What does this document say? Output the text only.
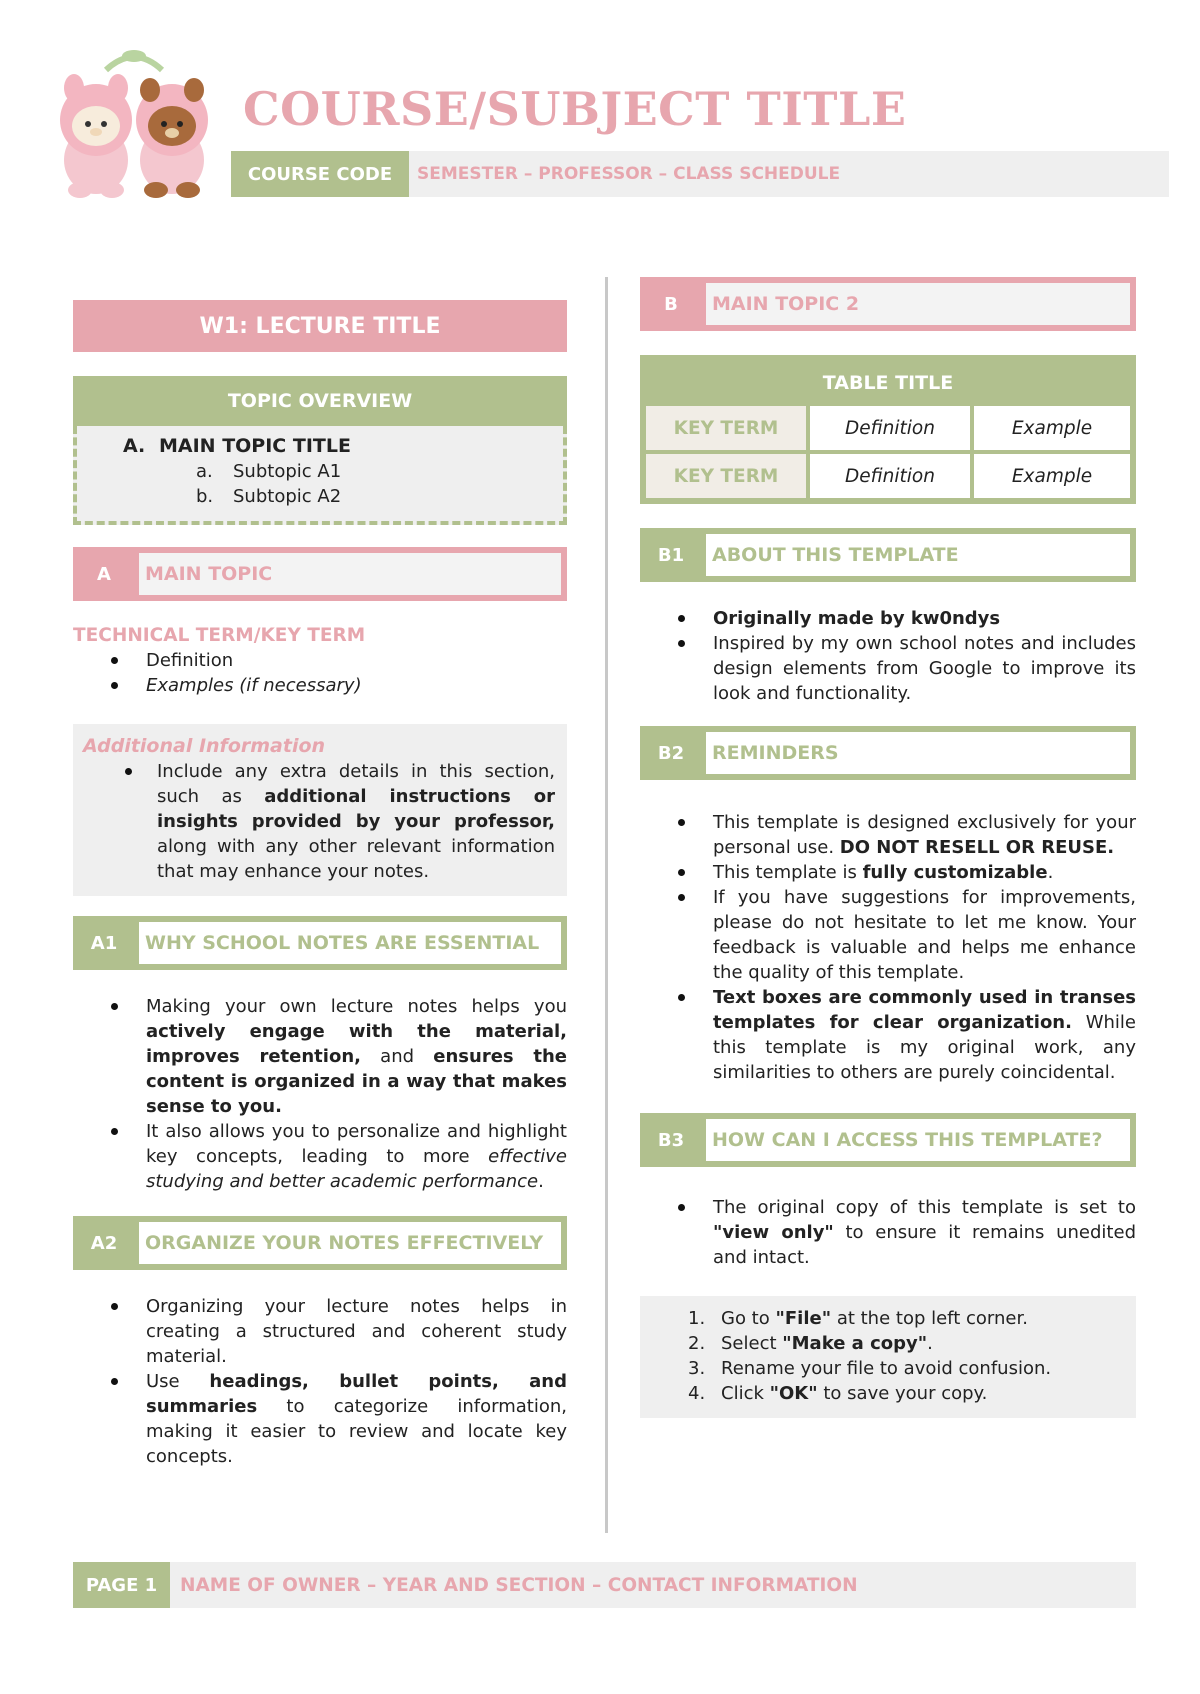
COURSE/SUBJECT TITLE
COURSE CODE	SEMESTER – PROFESSOR – CLASS SCHEDULE
W1: LECTURE TITLE
TOPIC OVERVIEW
A. MAIN TOPIC TITLE
a.	Subtopic A1
b.	Subtopic A2
A	MAIN TOPIC
TECHNICAL TERM/KEY TERM
Definition
Examples (if necessary)
Additional Information
Include any extra details in this section, such as additional instructions or insights provided by your professor, along with any other relevant information that may enhance your notes.
A1	WHY SCHOOL NOTES ARE ESSENTIAL
Making your own lecture notes helps you actively engage with the material, improves retention, and ensures the content is organized in a way that makes sense to you.
It also allows you to personalize and highlight key concepts, leading to more effective studying and better academic performance.
A2	ORGANIZE YOUR NOTES EFFECTIVELY
Organizing your lecture notes helps in creating a structured and coherent study material.
Use headings, bullet points, and summaries to categorize information, making it easier to review and locate key concepts.
B	MAIN TOPIC 2
TABLE TITLE
KEY TERM	Definition	Example
KEY TERM	Definition	Example
B1	ABOUT THIS TEMPLATE
Originally made by kw0ndys
Inspired by my own school notes and includes design elements from Google to improve its look and functionality.
B2	REMINDERS
This template is designed exclusively for your personal use. DO NOT RESELL OR REUSE.
This template is fully customizable.
If you have suggestions for improvements, please do not hesitate to let me know. Your feedback is valuable and helps me enhance the quality of this template.
Text boxes are commonly used in transes templates for clear organization. While this template is my original work, any similarities to others are purely coincidental.
B3	HOW CAN I ACCESS THIS TEMPLATE?
The original copy of this template is set to "view only" to ensure it remains unedited and intact.
1. Go to "File" at the top left corner.
2. Select "Make a copy".
3. Rename your file to avoid confusion.
4. Click "OK" to save your copy.
PAGE 1	NAME OF OWNER – YEAR AND SECTION – CONTACT INFORMATION
